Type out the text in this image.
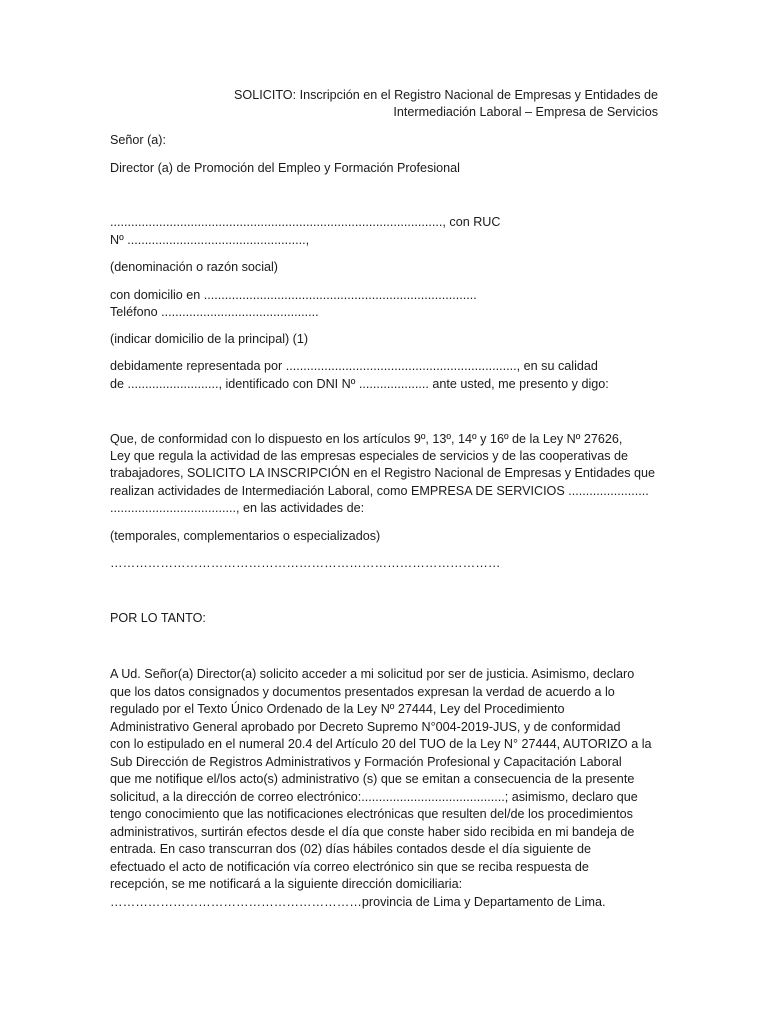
SOLICITO: Inscripción en el Registro Nacional de Empresas y Entidades de
Intermediación Laboral – Empresa de Servicios
Señor (a):
Director (a) de Promoción del Empleo y Formación Profesional
..............................................................................................., con RUC
Nº ...................................................,
(denominación o razón social)
con domicilio en ..............................................................................
Teléfono .............................................
(indicar domicilio de la principal) (1)
debidamente representada por .................................................................., en su calidad
de .........................., identificado con DNI Nº .................... ante usted, me presento y digo:
Que, de conformidad con lo dispuesto en los artículos 9º, 13º, 14º y 16º de la Ley Nº 27626,
Ley que regula la actividad de las empresas especiales de servicios y de las cooperativas de
trabajadores, SOLICITO LA INSCRIPCIÓN en el Registro Nacional de Empresas y Entidades que
realizan actividades de Intermediación Laboral, como EMPRESA DE SERVICIOS .......................
...................................., en las actividades de:
(temporales, complementarios o especializados)
…………………………………………………………………………………
POR LO TANTO:
A Ud. Señor(a) Director(a) solicito acceder a mi solicitud por ser de justicia. Asimismo, declaro
que los datos consignados y documentos presentados expresan la verdad de acuerdo a lo
regulado por el Texto Único Ordenado de la Ley Nº 27444, Ley del Procedimiento
Administrativo General aprobado por Decreto Supremo N°004-2019-JUS, y de conformidad
con lo estipulado en el numeral 20.4 del Artículo 20 del TUO de la Ley N° 27444, AUTORIZO a la
Sub Dirección de Registros Administrativos y Formación Profesional y Capacitación Laboral
que me notifique el/los acto(s) administrativo (s) que se emitan a consecuencia de la presente
solicitud, a la dirección de correo electrónico:.........................................; asimismo, declaro que
tengo conocimiento que las notificaciones electrónicas que resulten del/de los procedimientos
administrativos, surtirán efectos desde el día que conste haber sido recibida en mi bandeja de
entrada. En caso transcurran dos (02) días hábiles contados desde el día siguiente de
efectuado el acto de notificación vía correo electrónico sin que se reciba respuesta de
recepción, se me notificará a la siguiente dirección domiciliaria:
……………………………………………………provincia de Lima y Departamento de Lima.
